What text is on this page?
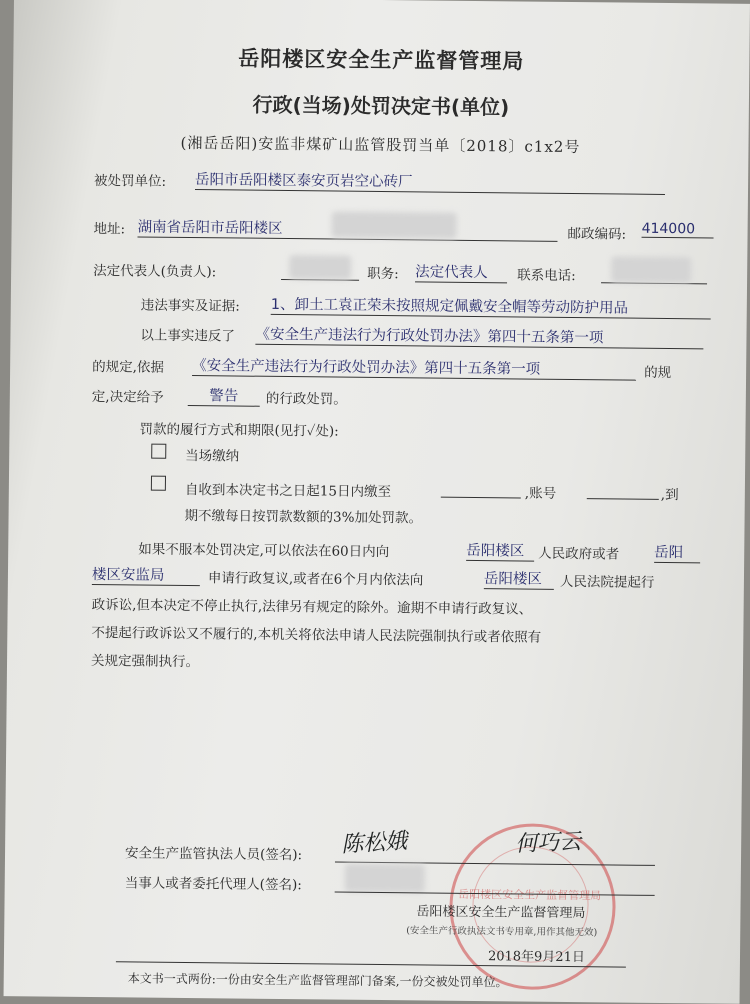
岳阳楼区安全生产监督管理局
行政(当场)处罚决定书(单位)
(湘岳岳阳)安监非煤矿山监管股罚当单〔2018〕c1x2号
被处罚单位: 岳阳市岳阳楼区泰安页岩空心砖厂
地址: 湖南省岳阳市岳阳楼区	邮政编码: 414000
法定代表人(负责人):	职务: 法定代表人	联系电话:
违法事实及证据: 1、卸土工袁正荣未按照规定佩戴安全帽等劳动防护用品
以上事实违反了 《安全生产违法行为行政处罚办法》第四十五条第一项
的规定,依据 《安全生产违法行为行政处罚办法》第四十五条第一项	的规
定,决定给予	警告	的行政处罚。
罚款的履行方式和期限(见打✓处):
当场缴纳
自收到本决定书之日起15日内缴至	,账号	,到
期不缴每日按罚款数额的3%加处罚款。
如果不服本处罚决定,可以依法在60日内向	岳阳楼区	人民政府或者 岳阳
楼区安监局	申请行政复议,或者在6个月内依法向	岳阳楼区	人民法院提起行
政诉讼,但本决定不停止执行,法律另有规定的除外。逾期不申请行政复议、
不提起行政诉讼又不履行的,本机关将依法申请人民法院强制执行或者依照有
关规定强制执行。
岳阳楼区安全生产监督管理局
安全生产监管执法人员(签名): 陈松娥	何巧云
当事人或者委托代理人(签名):
岳阳楼区安全生产监督管理局
(安全生产行政执法文书专用章,用作其他无效)
2018年9月21日
本文书一式两份:一份由安全生产监督管理部门备案,一份交被处罚单位。
